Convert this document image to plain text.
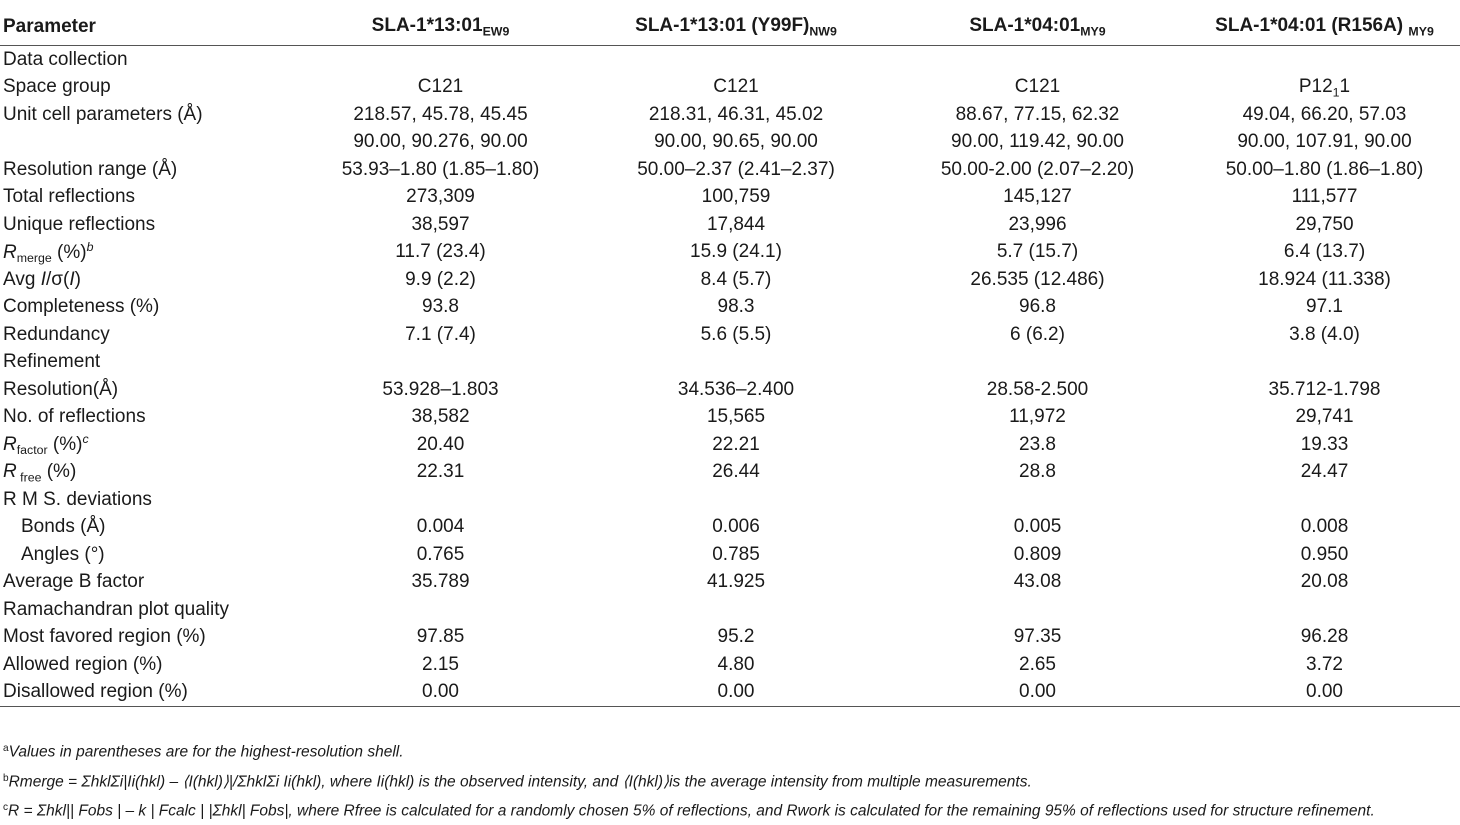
Parameter	SLA-$1*13:01_{EW9}$	SLA-1*13:01 $(Y99F)_{NW9}$	SLA-$1*04:01_{MY9}$	SLA-1*04:01 (R156A) $_{MY9}$
Data collection				
Space group	C121	C121	C121	$P12_11$
Unit cell parameters (Å)	218.57, 45.78, 45.45	218.31, 46.31, 45.02	88.67, 77.15, 62.32	49.04, 66.20, 57.03
	90.00, 90.276, 90.00	90.00, 90.65, 90.00	90.00, 119.42, 90.00	90.00, 107.91, 90.00
Resolution range (Å)	53.93–1.80 (1.85–1.80)	50.00–2.37 (2.41–2.37)	50.00-2.00 (2.07–2.20)	50.00–1.80 (1.86–1.80)
Total reflections	273,309	100,759	145,127	111,577
Unique reflections	38,597	17,844	23,996	29,750
$R_{merge}$ (%)$^b$	11.7 (23.4)	15.9 (24.1)	5.7 (15.7)	6.4 (13.7)
Avg I/σ(I)	9.9 (2.2)	8.4 (5.7)	26.535 (12.486)	18.924 (11.338)
Completeness (%)	93.8	98.3	96.8	97.1
Redundancy	7.1 (7.4)	5.6 (5.5)	6 (6.2)	3.8 (4.0)
Refinement				
Resolution(Å)	53.928–1.803	34.536–2.400	28.58-2.500	35.712-1.798
No. of reflections	38,582	15,565	11,972	29,741
$R_{factor}$ (%)$^c$	20.40	22.21	23.8	19.33
R $_{free}$ (%)	22.31	26.44	28.8	24.47
R M S. deviations				
Bonds (Å)	0.004	0.006	0.005	0.008
Angles (°)	0.765	0.785	0.809	0.950
Average B factor	35.789	41.925	43.08	20.08
Ramachandran plot quality				
Most favored region (%)	97.85	95.2	97.35	96.28
Allowed region (%)	2.15	4.80	2.65	3.72
Disallowed region (%)	0.00	0.00	0.00	0.00
$^a$Values in parentheses are for the highest-resolution shell.
$^b$Rmerge = ΣhklΣi|Ii(hkl) – ⟨I(hkl)⟩|/ΣhklΣi Ii(hkl), where Ii(hkl) is the observed intensity, and ⟨I(hkl)⟩is the average intensity from multiple measurements.
$^c$R = Σhkl|| Fobs | – k | Fcalc | |Σhkl| Fobs|, where Rfree is calculated for a randomly chosen 5% of reflections, and Rwork is calculated for the remaining 95% of reflections used for structure refinement.
